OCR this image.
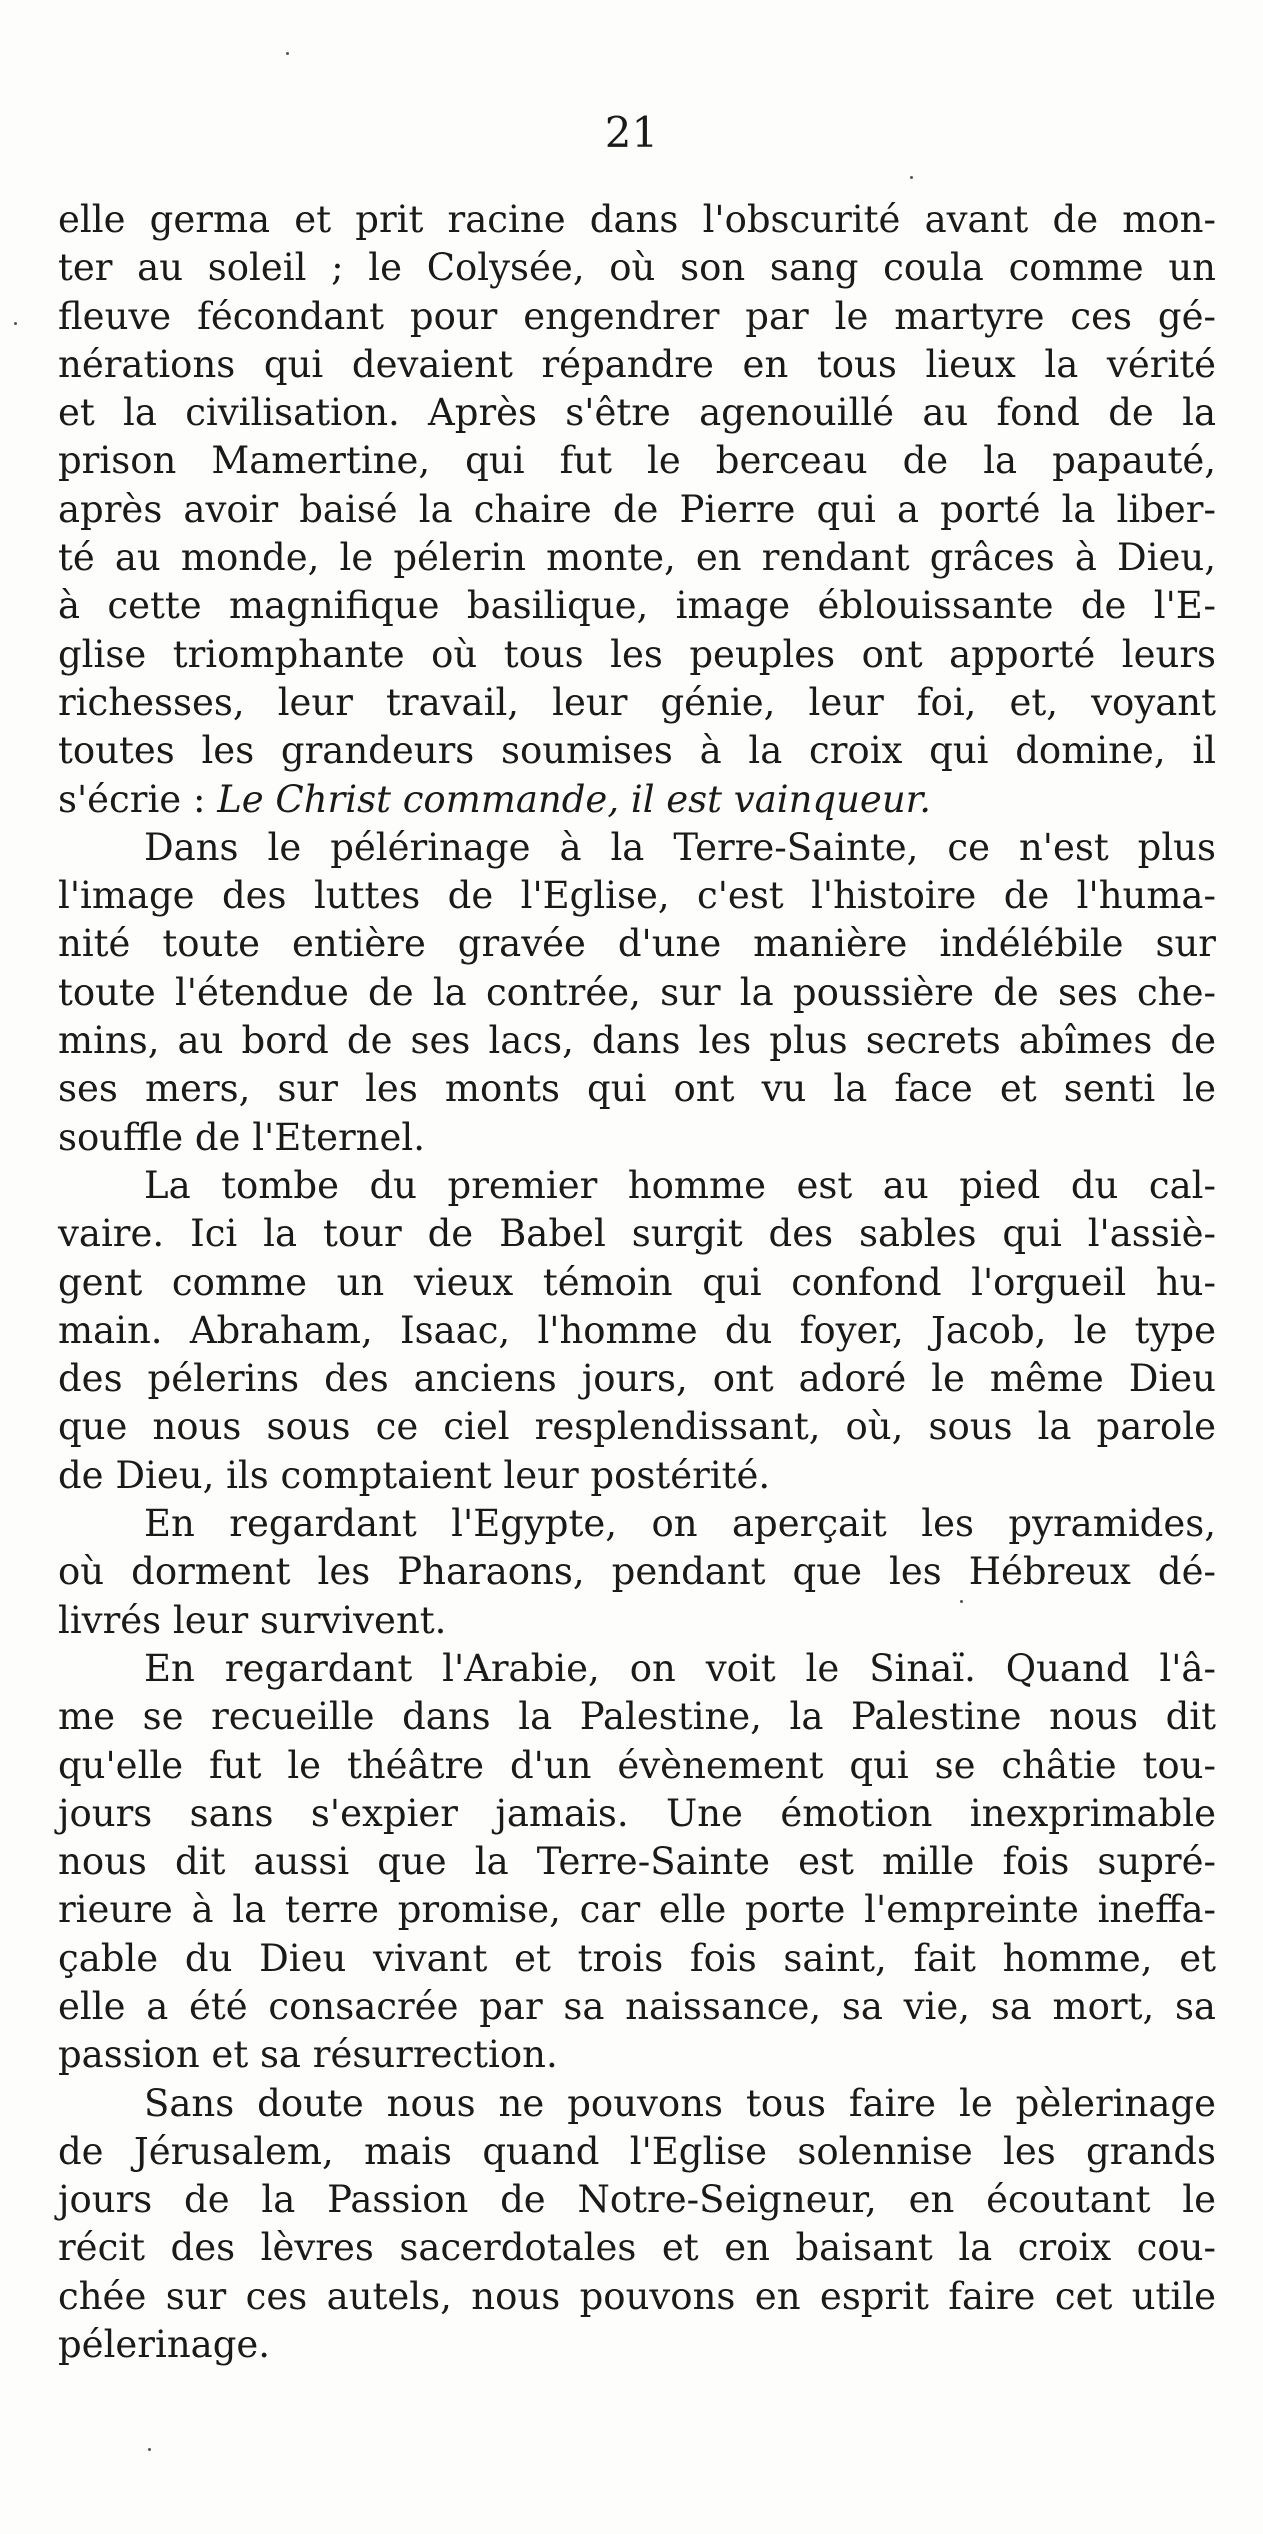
21
elle germa et prit racine dans l'obscurité avant de mon-
ter au soleil ; le Colysée, où son sang coula comme un
fleuve fécondant pour engendrer par le martyre ces gé-
nérations qui devaient répandre en tous lieux la vérité
et la civilisation. Après s'être agenouillé au fond de la
prison Mamertine, qui fut le berceau de la papauté,
après avoir baisé la chaire de Pierre qui a porté la liber-
té au monde, le pélerin monte, en rendant grâces à Dieu,
à cette magnifique basilique, image éblouissante de l'E-
glise triomphante où tous les peuples ont apporté leurs
richesses, leur travail, leur génie, leur foi, et, voyant
toutes les grandeurs soumises à la croix qui domine, il
s'écrie : Le Christ commande, il est vainqueur.
Dans le pélérinage à la Terre-Sainte, ce n'est plus
l'image des luttes de l'Eglise, c'est l'histoire de l'huma-
nité toute entière gravée d'une manière indélébile sur
toute l'étendue de la contrée, sur la poussière de ses che-
mins, au bord de ses lacs, dans les plus secrets abîmes de
ses mers, sur les monts qui ont vu la face et senti le
souffle de l'Eternel.
La tombe du premier homme est au pied du cal-
vaire. Ici la tour de Babel surgit des sables qui l'assiè-
gent comme un vieux témoin qui confond l'orgueil hu-
main. Abraham, Isaac, l'homme du foyer, Jacob, le type
des pélerins des anciens jours, ont adoré le même Dieu
que nous sous ce ciel resplendissant, où, sous la parole
de Dieu, ils comptaient leur postérité.
En regardant l'Egypte, on aperçait les pyramides,
où dorment les Pharaons, pendant que les Hébreux dé-
livrés leur survivent.
En regardant l'Arabie, on voit le Sinaï. Quand l'â-
me se recueille dans la Palestine, la Palestine nous dit
qu'elle fut le théâtre d'un évènement qui se châtie tou-
jours sans s'expier jamais. Une émotion inexprimable
nous dit aussi que la Terre-Sainte est mille fois supré-
rieure à la terre promise, car elle porte l'empreinte ineffa-
çable du Dieu vivant et trois fois saint, fait homme, et
elle a été consacrée par sa naissance, sa vie, sa mort, sa
passion et sa résurrection.
Sans doute nous ne pouvons tous faire le pèlerinage
de Jérusalem, mais quand l'Eglise solennise les grands
jours de la Passion de Notre-Seigneur, en écoutant le
récit des lèvres sacerdotales et en baisant la croix cou-
chée sur ces autels, nous pouvons en esprit faire cet utile
pélerinage.
